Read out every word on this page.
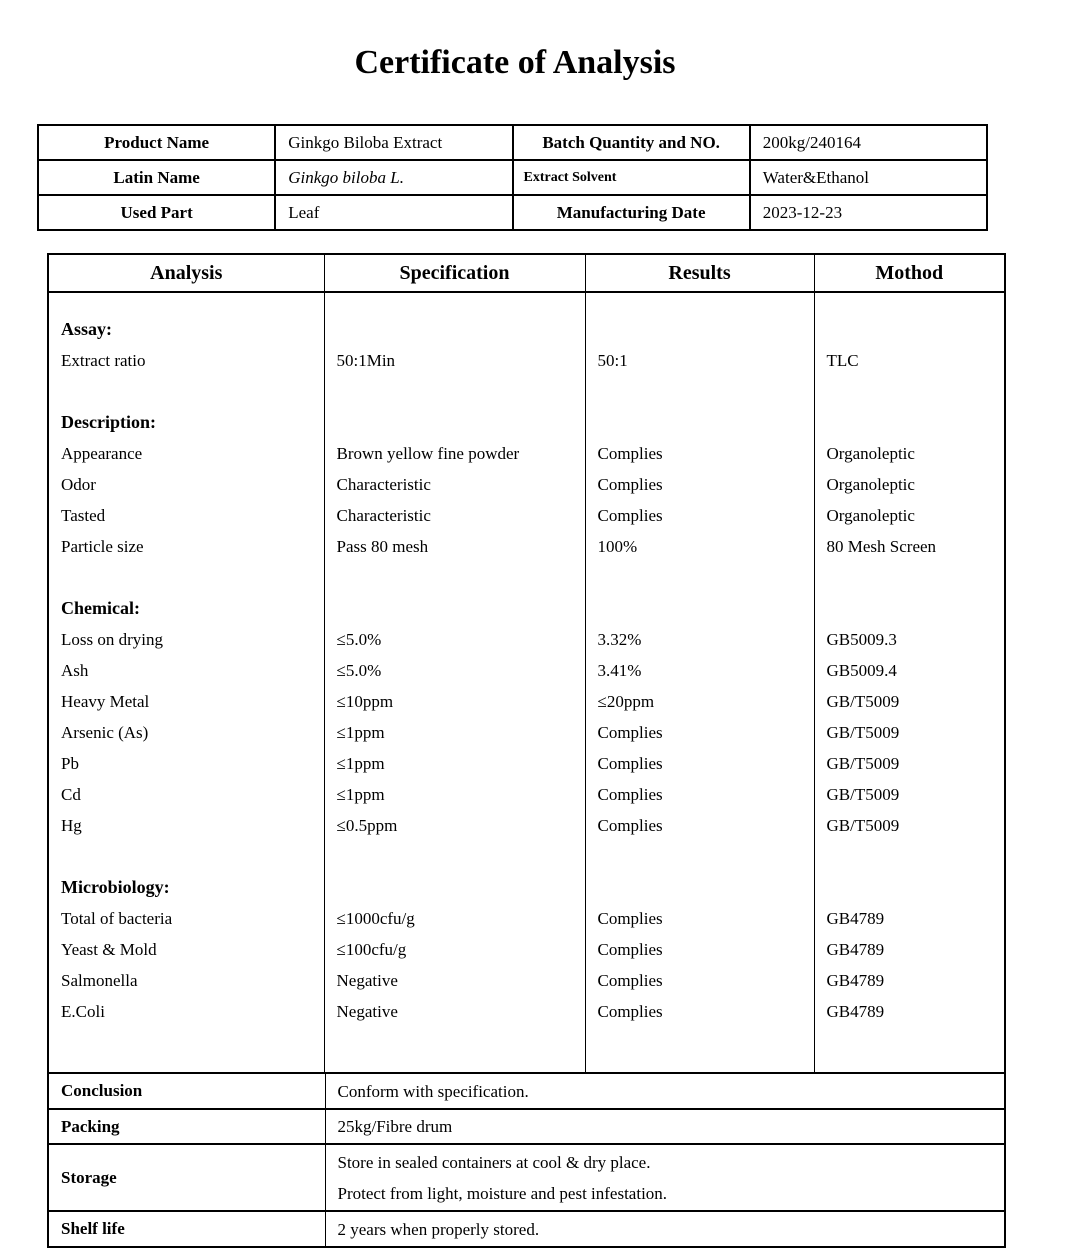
Certificate of Analysis
Product Name	Ginkgo Biloba Extract	Batch Quantity and NO.	200kg/240164
Latin Name	Ginkgo biloba L.	Extract Solvent	Water&Ethanol
Used Part	Leaf	Manufacturing Date	2023-12-23
Analysis	Specification	Results	Mothod

Assay:			
Extract ratio	50:1Min	50:1	TLC

Description:			
Appearance	Brown yellow fine powder	Complies	Organoleptic
Odor	Characteristic	Complies	Organoleptic
Tasted	Characteristic	Complies	Organoleptic
Particle size	Pass 80 mesh	100%	80 Mesh Screen

Chemical:			
Loss on drying	≤5.0%	3.32%	GB5009.3
Ash	≤5.0%	3.41%	GB5009.4
Heavy Metal	≤10ppm	≤20ppm	GB/T5009
Arsenic (As)	≤1ppm	Complies	GB/T5009
Pb	≤1ppm	Complies	GB/T5009
Cd	≤1ppm	Complies	GB/T5009
Hg	≤0.5ppm	Complies	GB/T5009

Microbiology:			
Total of bacteria	≤1000cfu/g	Complies	GB4789
Yeast & Mold	≤100cfu/g	Complies	GB4789
Salmonella	Negative	Complies	GB4789
E.Coli	Negative	Complies	GB4789

Conclusion	Conform with specification.

Packing	25kg/Fibre drum

Storage	Store in sealed containers at cool & dry place.
Protect from light, moisture and pest infestation.

Shelf life	2 years when properly stored.
